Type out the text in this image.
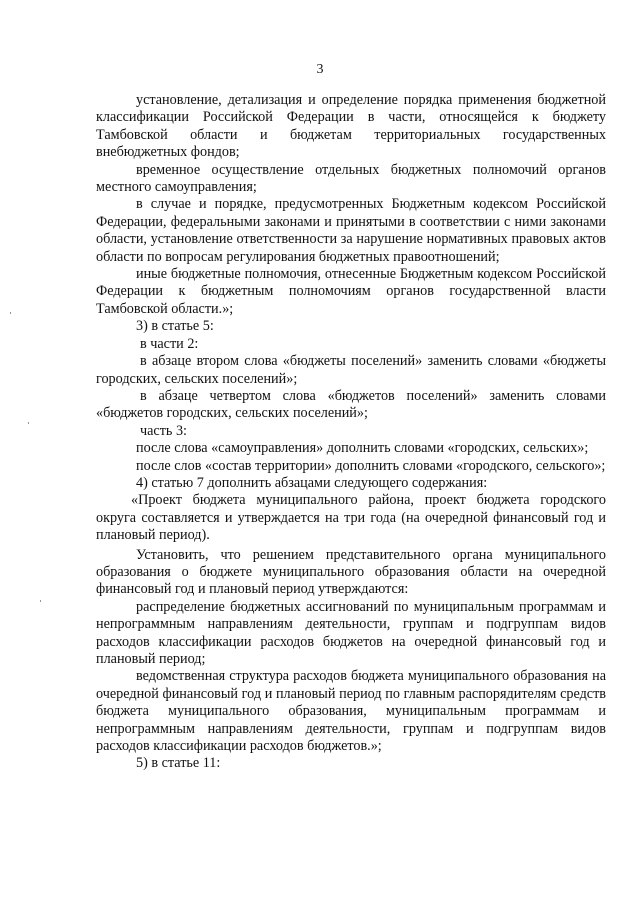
3

установление, детализация и определение порядка применения бюджетной классификации Российской Федерации в части, относящейся к бюджету Тамбовской области и бюджетам территориальных государственных внебюджетных фондов;

временное осуществление отдельных бюджетных полномочий органов местного самоуправления;

в случае и порядке, предусмотренных Бюджетным кодексом Российской Федерации, федеральными законами и принятыми в соответствии с ними законами области, установление ответственности за нарушение нормативных правовых актов области по вопросам регулирования бюджетных правоотношений;

иные бюджетные полномочия, отнесенные Бюджетным кодексом Российской Федерации к бюджетным полномочиям органов государственной власти Тамбовской области.»;

3) в статье 5:

в части 2:

в абзаце втором слова «бюджеты поселений» заменить словами «бюджеты городских, сельских поселений»;

в абзаце четвертом слова «бюджетов поселений» заменить словами «бюджетов городских, сельских поселений»;

часть 3:

после слова «самоуправления» дополнить словами «городских, сельских»;

после слов «состав территории» дополнить словами «городского, сельского»;

4) статью 7 дополнить абзацами следующего содержания:

«Проект бюджета муниципального района, проект бюджета городского округа составляется и утверждается на три года (на очередной финансовый год и плановый период).

Установить, что решением представительного органа муниципального образования о бюджете муниципального образования области на очередной финансовый год и плановый период утверждаются:

распределение бюджетных ассигнований по муниципальным программам и непрограммным направлениям деятельности, группам и подгруппам видов расходов классификации расходов бюджетов на очередной финансовый год и плановый период;

ведомственная структура расходов бюджета муниципального образования на очередной финансовый год и плановый период по главным распорядителям средств бюджета муниципального образования, муниципальным программам и непрограммным направлениям деятельности, группам и подгруппам видов расходов классификации расходов бюджетов.»;

5) в статье 11:
